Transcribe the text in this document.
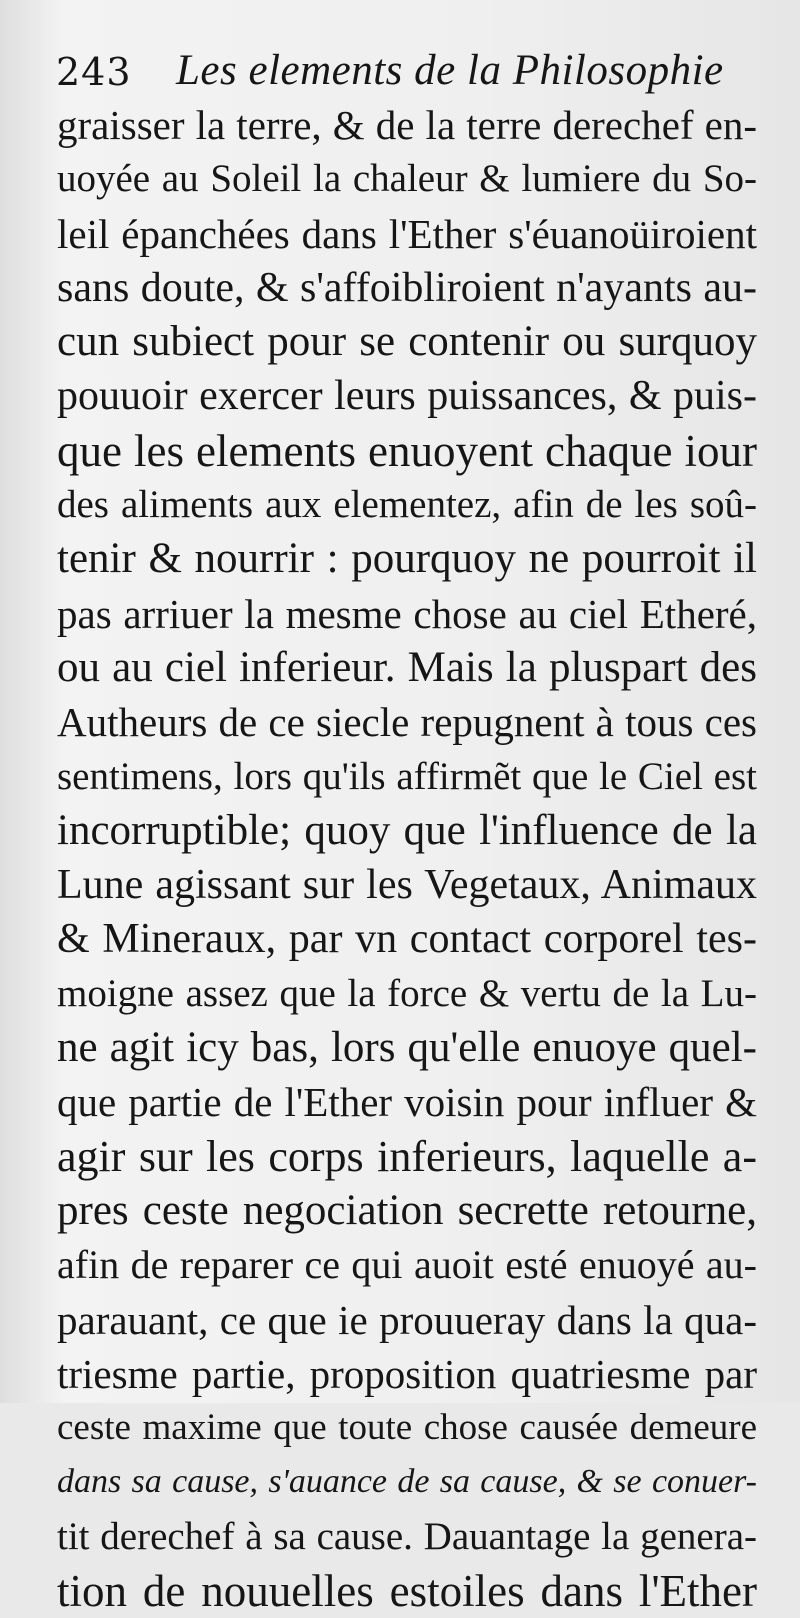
243 Les elements de la Philosophie
graisser la terre, & de la terre derechef en-
uoyée au Soleil la chaleur & lumiere du So-
leil épanchées dans l'Ether s'éuanoüiroient
sans doute, & s'affoibliroient n'ayants au-
cun subiect pour se contenir ou surquoy
pouuoir exercer leurs puissances, & puis-
que les elements enuoyent chaque iour
des aliments aux elementez, afin de les soû-
tenir & nourrir : pourquoy ne pourroit il
pas arriuer la mesme chose au ciel Etheré,
ou au ciel inferieur. Mais la pluspart des
Autheurs de ce siecle repugnent à tous ces
sentimens, lors qu'ils affirmẽt que le Ciel est
incorruptible; quoy que l'influence de la
Lune agissant sur les Vegetaux, Animaux
& Mineraux, par vn contact corporel tes-
moigne assez que la force & vertu de la Lu-
ne agit icy bas, lors qu'elle enuoye quel-
que partie de l'Ether voisin pour influer &
agir sur les corps inferieurs, laquelle a-
pres ceste negociation secrette retourne,
afin de reparer ce qui auoit esté enuoyé au-
parauant, ce que ie prouueray dans la qua-
triesme partie, proposition quatriesme par
ceste maxime que toute chose causée demeure
dans sa cause, s'auance de sa cause, & se conuer-
tit derechef à sa cause. Dauantage la genera-
tion de nouuelles estoiles dans l'Ether
